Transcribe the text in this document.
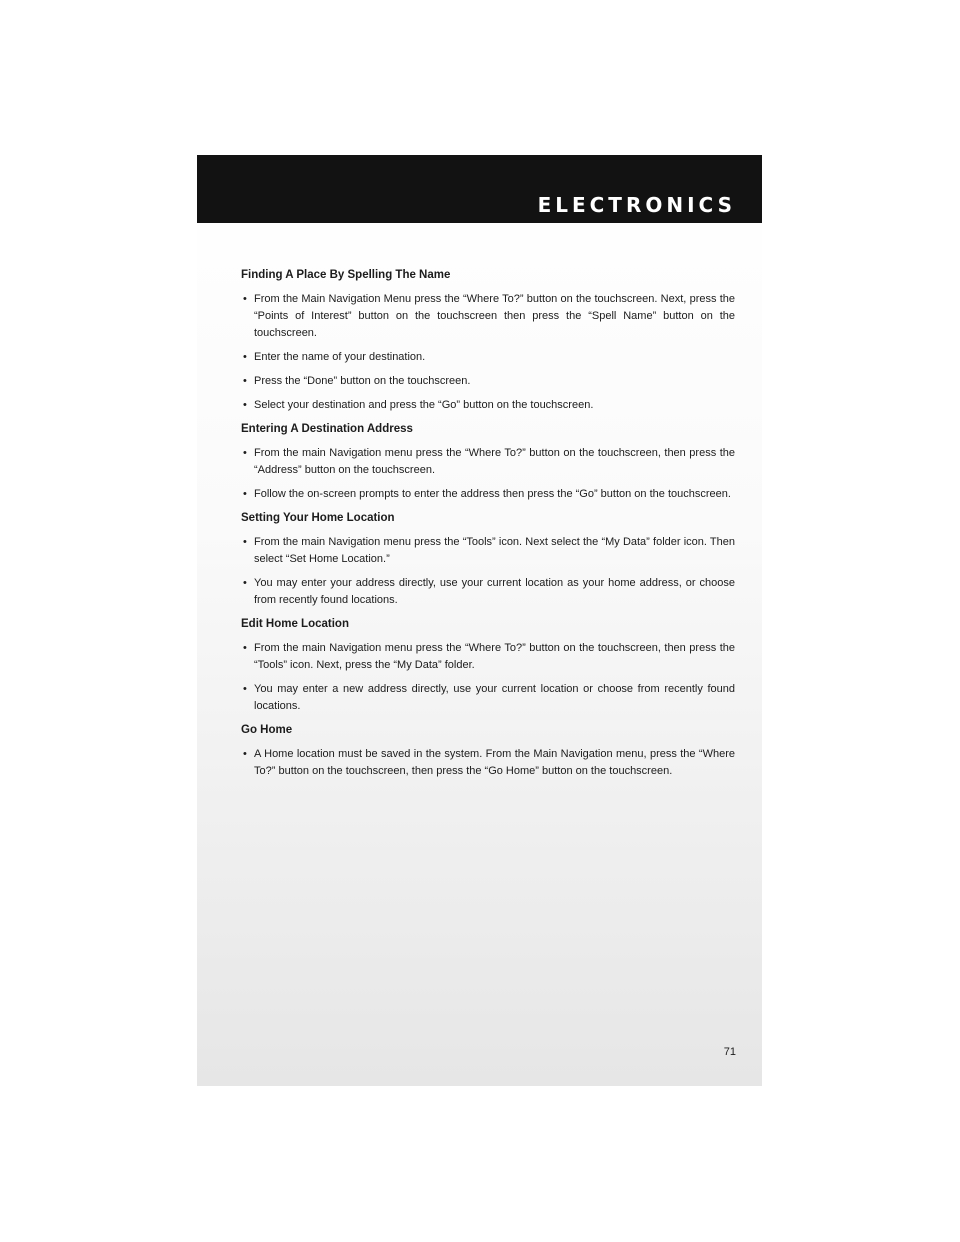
ELECTRONICS
Finding A Place By Spelling The Name
• From the Main Navigation Menu press the “Where To?” button on the touchscreen. Next, press the “Points of Interest” button on the touchscreen then press the “Spell Name” button on the touchscreen.
• Enter the name of your destination.
• Press the “Done” button on the touchscreen.
• Select your destination and press the “Go” button on the touchscreen.
Entering A Destination Address
• From the main Navigation menu press the “Where To?” button on the touchscreen, then press the “Address” button on the touchscreen.
• Follow the on-screen prompts to enter the address then press the “Go” button on the touchscreen.
Setting Your Home Location
• From the main Navigation menu press the “Tools” icon. Next select the “My Data” folder icon. Then select “Set Home Location.”
• You may enter your address directly, use your current location as your home address, or choose from recently found locations.
Edit Home Location
• From the main Navigation menu press the “Where To?” button on the touchscreen, then press the “Tools” icon. Next, press the “My Data” folder.
• You may enter a new address directly, use your current location or choose from recently found locations.
Go Home
• A Home location must be saved in the system. From the Main Navigation menu, press the “Where To?” button on the touchscreen, then press the “Go Home” button on the touchscreen.
71
